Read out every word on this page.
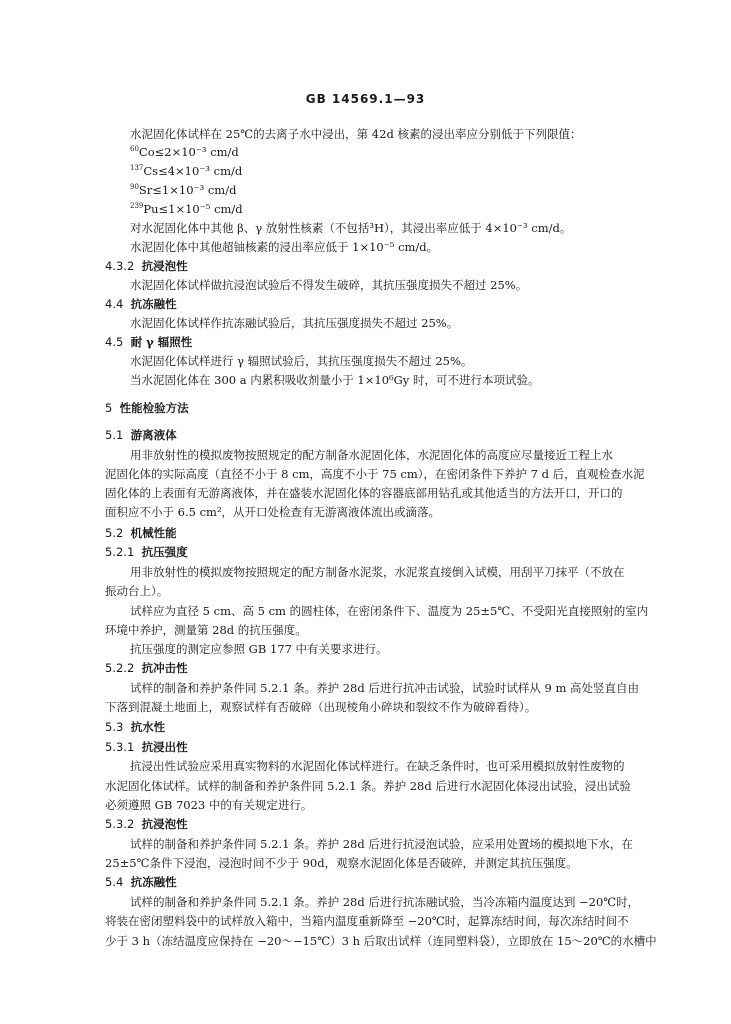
GB 14569.1—93
水泥固化体试样在 25℃的去离子水中浸出，第 42d 核素的浸出率应分别低于下列限值：
$^{60}$Co≤2×10⁻³ cm/d
$^{137}$Cs≤4×10⁻³ cm/d
$^{90}$Sr≤1×10⁻³ cm/d
$^{239}$Pu≤1×10⁻⁵ cm/d
对水泥固化体中其他 β、γ 放射性核素（不包括³H），其浸出率应低于 4×10⁻³ cm/d。
水泥固化体中其他超铀核素的浸出率应低于 1×10⁻⁵ cm/d。
4.3.2 抗浸泡性
水泥固化体试样做抗浸泡试验后不得发生破碎，其抗压强度损失不超过 25%。
4.4 抗冻融性
水泥固化体试样作抗冻融试验后，其抗压强度损失不超过 25%。
4.5 耐 γ 辐照性
水泥固化体试样进行 γ 辐照试验后，其抗压强度损失不超过 25%。
当水泥固化体在 300 a 内累积吸收剂量小于 1×10⁶Gy 时，可不进行本项试验。
5 性能检验方法
5.1 游离液体
用非放射性的模拟废物按照规定的配方制备水泥固化体，水泥固化体的高度应尽量接近工程上水
泥固化体的实际高度（直径不小于 8 cm，高度不小于 75 cm），在密闭条件下养护 7 d 后，直观检查水泥
固化体的上表面有无游离液体，并在盛装水泥固化体的容器底部用钻孔或其他适当的方法开口，开口的
面积应不小于 6.5 cm²，从开口处检查有无游离液体流出或滴落。
5.2 机械性能
5.2.1 抗压强度
用非放射性的模拟废物按照规定的配方制备水泥浆，水泥浆直接倒入试模，用刮平刀抹平（不放在
振动台上）。
试样应为直径 5 cm、高 5 cm 的圆柱体，在密闭条件下、温度为 25±5℃、不受阳光直接照射的室内
环境中养护，测量第 28d 的抗压强度。
抗压强度的测定应参照 GB 177 中有关要求进行。
5.2.2 抗冲击性
试样的制备和养护条件同 5.2.1 条。养护 28d 后进行抗冲击试验，试验时试样从 9 m 高处竖直自由
下落到混凝土地面上，观察试样有否破碎（出现棱角小碎块和裂纹不作为破碎看待）。
5.3 抗水性
5.3.1 抗浸出性
抗浸出性试验应采用真实物料的水泥固化体试样进行。在缺乏条件时，也可采用模拟放射性废物的
水泥固化体试样。试样的制备和养护条件同 5.2.1 条。养护 28d 后进行水泥固化体浸出试验，浸出试验
必须遵照 GB 7023 中的有关规定进行。
5.3.2 抗浸泡性
试样的制备和养护条件同 5.2.1 条。养护 28d 后进行抗浸泡试验，应采用处置场的模拟地下水，在
25±5℃条件下浸泡，浸泡时间不少于 90d，观察水泥固化体是否破碎，并测定其抗压强度。
5.4 抗冻融性
试样的制备和养护条件同 5.2.1 条。养护 28d 后进行抗冻融试验，当冷冻箱内温度达到 −20℃时，
将装在密闭塑料袋中的试样放入箱中，当箱内温度重新降至 −20℃时，起算冻结时间，每次冻结时间不
少于 3 h（冻结温度应保持在 −20～−15℃）3 h 后取出试样（连同塑料袋），立即放在 15～20℃的水槽中
